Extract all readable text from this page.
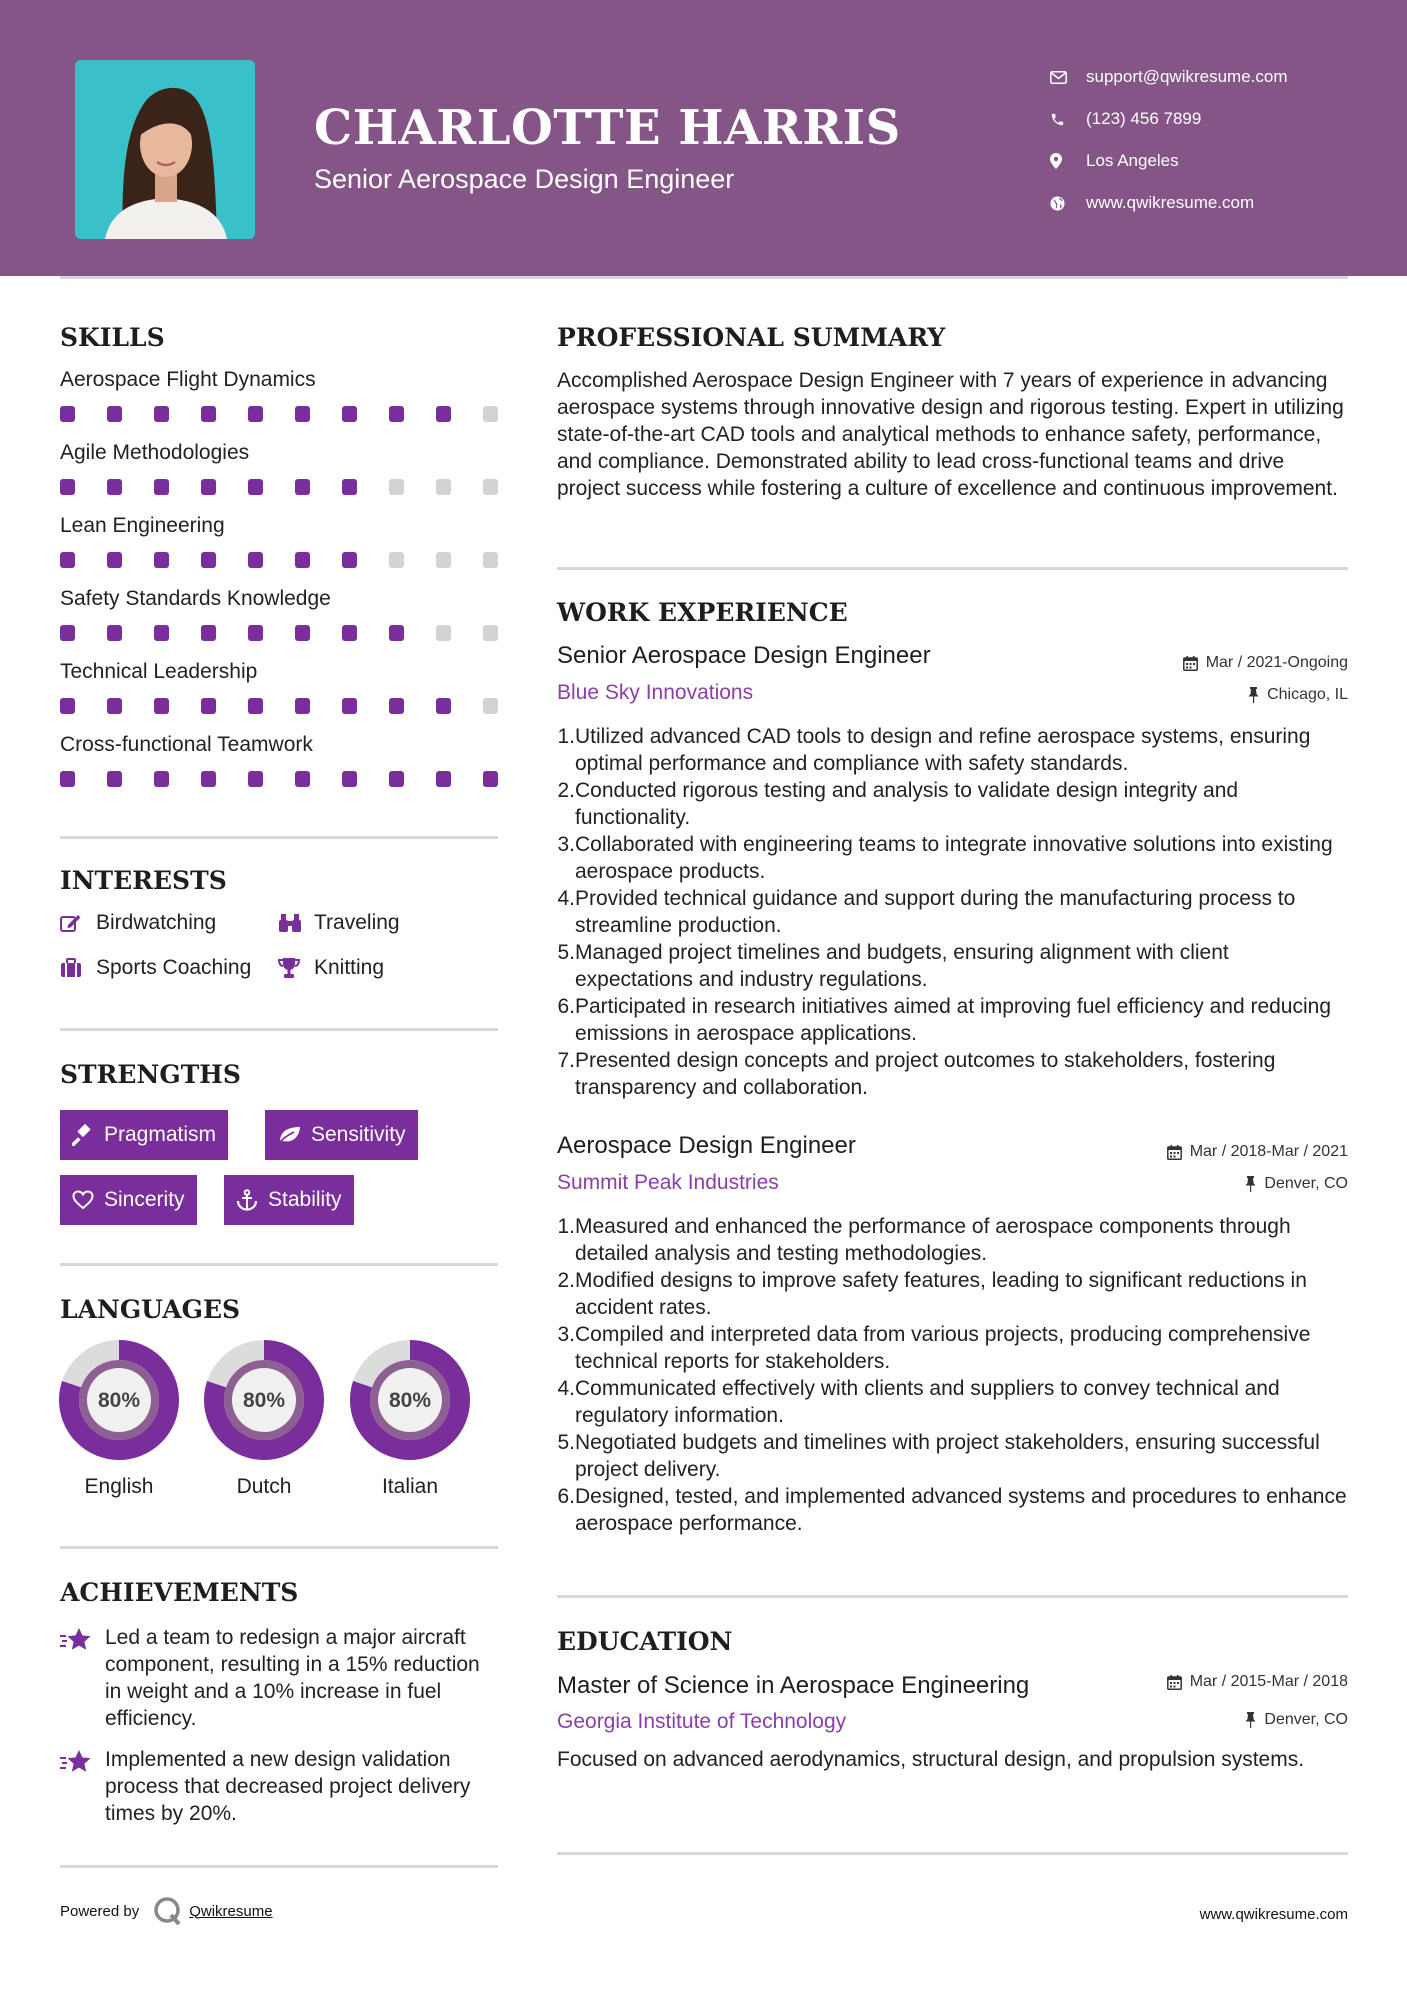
CHARLOTTE HARRIS
Senior Aerospace Design Engineer
support@qwikresume.com
(123) 456 7899
Los Angeles
www.qwikresume.com
SKILLS
Aerospace Flight Dynamics
Agile Methodologies
Lean Engineering
Safety Standards Knowledge
Technical Leadership
Cross-functional Teamwork
INTERESTS
Birdwatching	Traveling
Sports Coaching	Knitting
STRENGTHS
Pragmatism	Sensitivity
Sincerity	Stability
LANGUAGES
80%
English
80%
Dutch
80%
Italian
ACHIEVEMENTS
Led a team to redesign a major aircraft component, resulting in a 15% reduction in weight and a 10% increase in fuel efficiency.
Implemented a new design validation process that decreased project delivery times by 20%.
PROFESSIONAL SUMMARY
Accomplished Aerospace Design Engineer with 7 years of experience in advancing aerospace systems through innovative design and rigorous testing. Expert in utilizing state-of-the-art CAD tools and analytical methods to enhance safety, performance, and compliance. Demonstrated ability to lead cross-functional teams and drive project success while fostering a culture of excellence and continuous improvement.
WORK EXPERIENCE
Senior Aerospace Design Engineer	Mar / 2021-Ongoing
Blue Sky Innovations	Chicago, IL
1. Utilized advanced CAD tools to design and refine aerospace systems, ensuring optimal performance and compliance with safety standards.
2. Conducted rigorous testing and analysis to validate design integrity and functionality.
3. Collaborated with engineering teams to integrate innovative solutions into existing aerospace products.
4. Provided technical guidance and support during the manufacturing process to streamline production.
5. Managed project timelines and budgets, ensuring alignment with client expectations and industry regulations.
6. Participated in research initiatives aimed at improving fuel efficiency and reducing emissions in aerospace applications.
7. Presented design concepts and project outcomes to stakeholders, fostering transparency and collaboration.
Aerospace Design Engineer	Mar / 2018-Mar / 2021
Summit Peak Industries	Denver, CO
1. Measured and enhanced the performance of aerospace components through detailed analysis and testing methodologies.
2. Modified designs to improve safety features, leading to significant reductions in accident rates.
3. Compiled and interpreted data from various projects, producing comprehensive technical reports for stakeholders.
4. Communicated effectively with clients and suppliers to convey technical and regulatory information.
5. Negotiated budgets and timelines with project stakeholders, ensuring successful project delivery.
6. Designed, tested, and implemented advanced systems and procedures to enhance aerospace performance.
EDUCATION
Master of Science in Aerospace Engineering	Mar / 2015-Mar / 2018
Georgia Institute of Technology	Denver, CO
Focused on advanced aerodynamics, structural design, and propulsion systems.
Powered by	Qwikresume	www.qwikresume.com
